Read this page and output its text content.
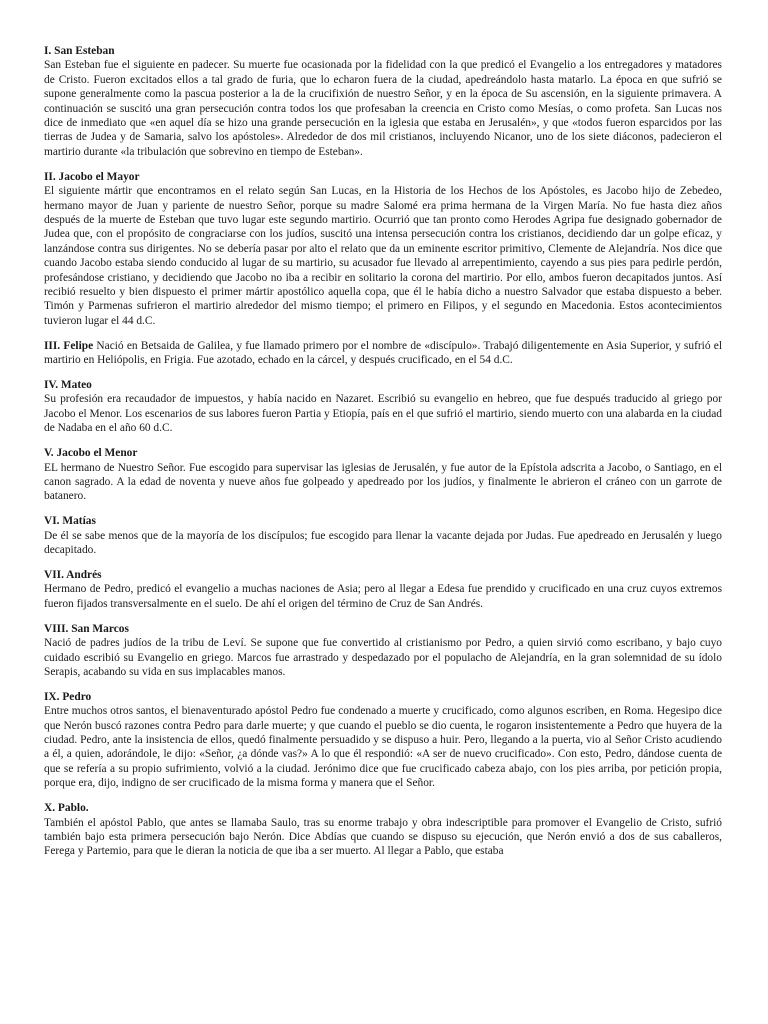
I. San Esteban

San Esteban fue el siguiente en padecer. Su muerte fue ocasionada por la fidelidad con la que predicó el Evangelio a los entregadores y matadores de Cristo. Fueron excitados ellos a tal grado de furia, que lo echaron fuera de la ciudad, apedreándolo hasta matarlo. La época en que sufrió se supone generalmente como la pascua posterior a la de la crucifixión de nuestro Señor, y en la época de Su ascensión, en la siguiente primavera. A continuación se suscitó una gran persecución contra todos los que profesaban la creencia en Cristo como Mesías, o como profeta. San Lucas nos dice de inmediato que «en aquel día se hizo una grande persecución en la iglesia que estaba en Jerusalén», y que «todos fueron esparcidos por las tierras de Judea y de Samaria, salvo los apóstoles». Alrededor de dos mil cristianos, incluyendo Nicanor, uno de los siete diáconos, padecieron el martirio durante «la tribulación que sobrevino en tiempo de Esteban».

II. Jacobo el Mayor

El siguiente mártir que encontramos en el relato según San Lucas, en la Historia de los Hechos de los Apóstoles, es Jacobo hijo de Zebedeo, hermano mayor de Juan y pariente de nuestro Señor, porque su madre Salomé era prima hermana de la Virgen María. No fue hasta diez años después de la muerte de Esteban que tuvo lugar este segundo martirio. Ocurrió que tan pronto como Herodes Agripa fue designado gobernador de Judea que, con el propósito de congraciarse con los judíos, suscitó una intensa persecución contra los cristianos, decidiendo dar un golpe eficaz, y lanzándose contra sus dirigentes. No se debería pasar por alto el relato que da un eminente escritor primitivo, Clemente de Alejandría. Nos dice que cuando Jacobo estaba siendo conducido al lugar de su martirio, su acusador fue llevado al arrepentimiento, cayendo a sus pies para pedirle perdón, profesándose cristiano, y decidiendo que Jacobo no iba a recibir en solitario la corona del martirio. Por ello, ambos fueron decapitados juntos. Así recibió resuelto y bien dispuesto el primer mártir apostólico aquella copa, que él le había dicho a nuestro Salvador que estaba dispuesto a beber. Timón y Parmenas sufrieron el martirio alrededor del mismo tiempo; el primero en Filipos, y el segundo en Macedonia. Estos acontecimientos tuvieron lugar el 44 d.C.

III. Felipe Nació en Betsaida de Galilea, y fue llamado primero por el nombre de «discípulo». Trabajó diligentemente en Asia Superior, y sufrió el martirio en Heliópolis, en Frigia. Fue azotado, echado en la cárcel, y después crucificado, en el 54 d.C.

IV. Mateo

Su profesión era recaudador de impuestos, y había nacido en Nazaret. Escribió su evangelio en hebreo, que fue después traducido al griego por Jacobo el Menor. Los escenarios de sus labores fueron Partia y Etiopía, país en el que sufrió el martirio, siendo muerto con una alabarda en la ciudad de Nadaba en el año 60 d.C.

V. Jacobo el Menor

EL hermano de Nuestro Señor. Fue escogido para supervisar las iglesias de Jerusalén, y fue autor de la Epístola adscrita a Jacobo, o Santiago, en el canon sagrado. A la edad de noventa y nueve años fue golpeado y apedreado por los judíos, y finalmente le abrieron el cráneo con un garrote de batanero.

VI. Matías

De él se sabe menos que de la mayoría de los discípulos; fue escogido para llenar la vacante dejada por Judas. Fue apedreado en Jerusalén y luego decapitado.

VII. Andrés

Hermano de Pedro, predicó el evangelio a muchas naciones de Asia; pero al llegar a Edesa fue prendido y crucificado en una cruz cuyos extremos fueron fijados transversalmente en el suelo. De ahí el origen del término de Cruz de San Andrés.

VIII. San Marcos

Nació de padres judíos de la tribu de Leví. Se supone que fue convertido al cristianismo por Pedro, a quien sirvió como escribano, y bajo cuyo cuidado escribió su Evangelio en griego. Marcos fue arrastrado y despedazado por el populacho de Alejandría, en la gran solemnidad de su ídolo Serapis, acabando su vida en sus implacables manos.

IX. Pedro

Entre muchos otros santos, el bienaventurado apóstol Pedro fue condenado a muerte y crucificado, como algunos escriben, en Roma. Hegesipo dice que Nerón buscó razones contra Pedro para darle muerte; y que cuando el pueblo se dio cuenta, le rogaron insistentemente a Pedro que huyera de la ciudad. Pedro, ante la insistencia de ellos, quedó finalmente persuadido y se dispuso a huir. Pero, llegando a la puerta, vio al Señor Cristo acudiendo a él, a quien, adorándole, le dijo: «Señor, ¿a dónde vas?» A lo que él respondió: «A ser de nuevo crucificado». Con esto, Pedro, dándose cuenta de que se refería a su propio sufrimiento, volvió a la ciudad. Jerónimo dice que fue crucificado cabeza abajo, con los pies arriba, por petición propia, porque era, dijo, indigno de ser crucificado de la misma forma y manera que el Señor.

X. Pablo.

También el apóstol Pablo, que antes se llamaba Saulo, tras su enorme trabajo y obra indescriptible para promover el Evangelio de Cristo, sufrió también bajo esta primera persecución bajo Nerón. Dice Abdías que cuando se dispuso su ejecución, que Nerón envió a dos de sus caballeros, Ferega y Partemio, para que le dieran la noticia de que iba a ser muerto. Al llegar a Pablo, que estaba
